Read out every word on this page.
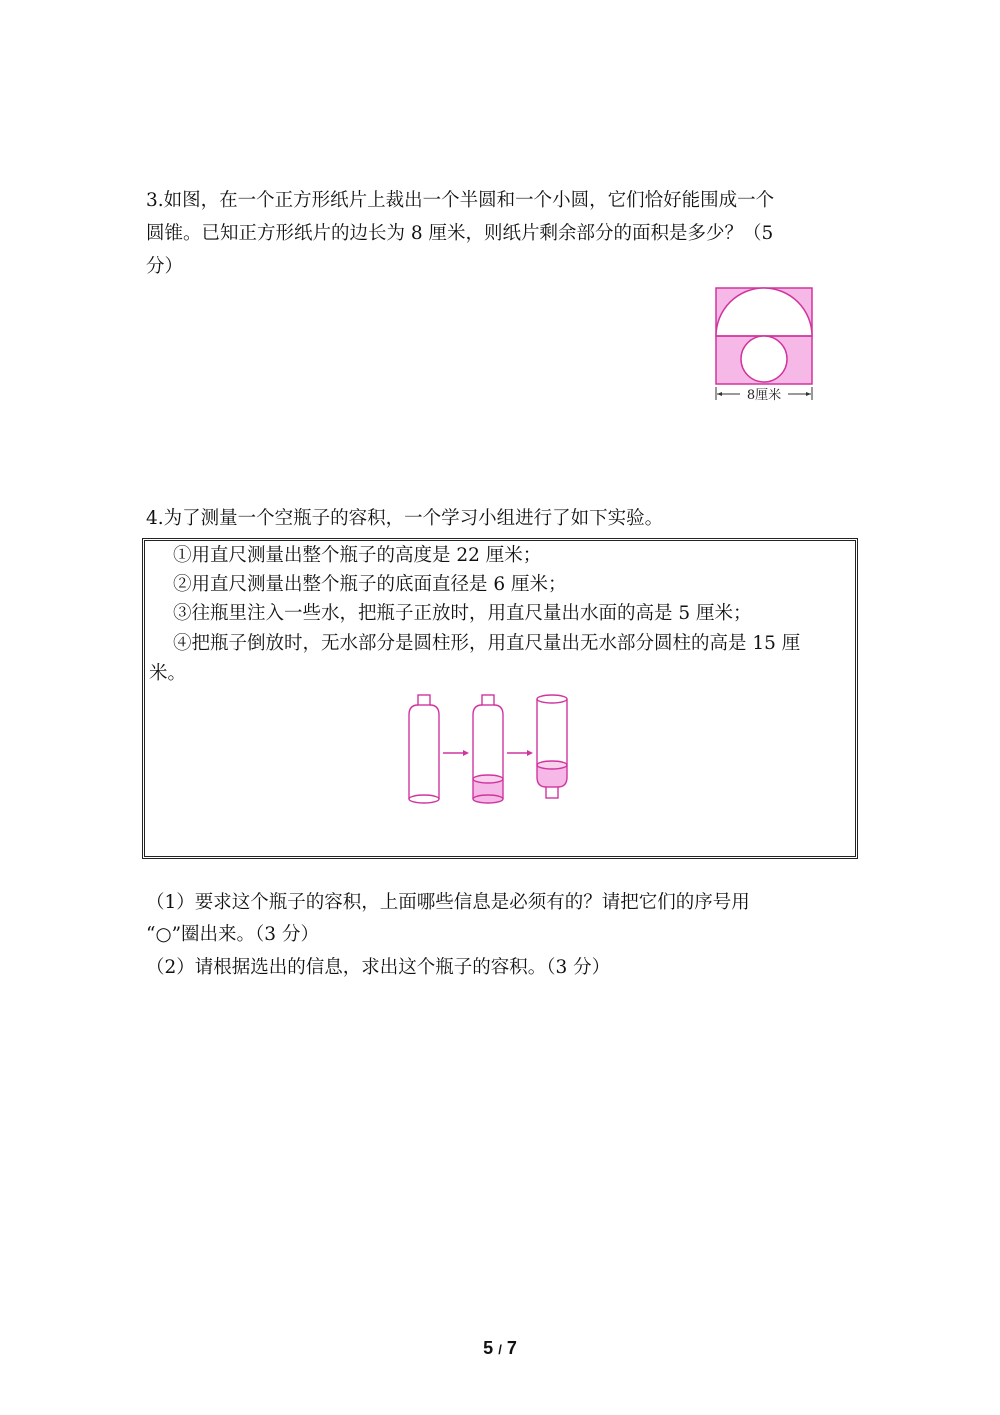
3.如图，在一个正方形纸片上裁出一个半圆和一个小圆，它们恰好能围成一个
圆锥。已知正方形纸片的边长为 8 厘米，则纸片剩余部分的面积是多少？（5
分）
8厘米
4.为了测量一个空瓶子的容积，一个学习小组进行了如下实验。
①用直尺测量出整个瓶子的高度是 22 厘米；
②用直尺测量出整个瓶子的底面直径是 6 厘米；
③往瓶里注入一些水，把瓶子正放时，用直尺量出水面的高是 5 厘米；
④把瓶子倒放时，无水部分是圆柱形，用直尺量出无水部分圆柱的高是 15 厘
米。
（1）要求这个瓶子的容积，上面哪些信息是必须有的？请把它们的序号用
“○”圈出来。（3 分）
（2）请根据选出的信息，求出这个瓶子的容积。（3 分）
5 / 7
